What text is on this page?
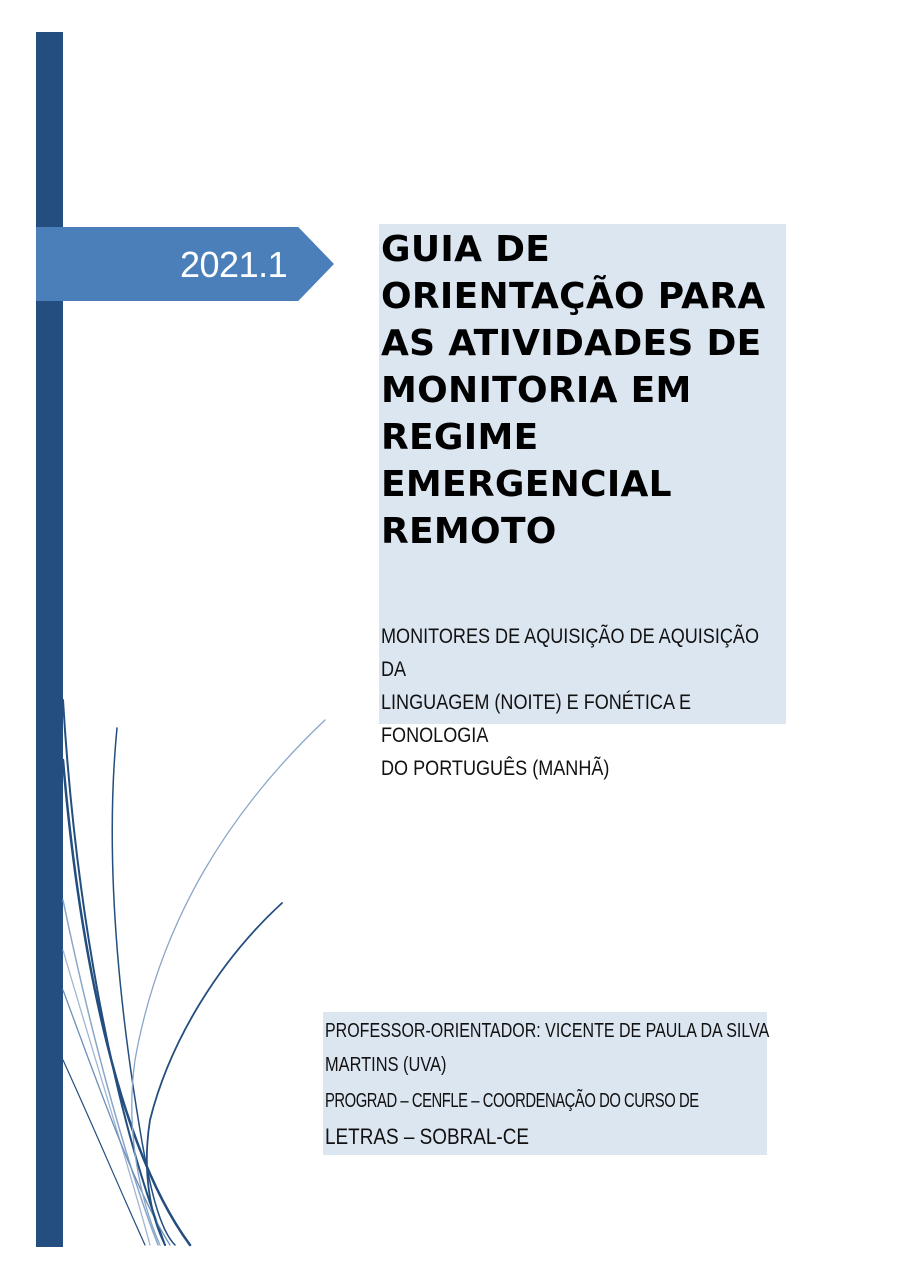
2021.1	GUIA DE ORIENTAÇÃO PARA AS ATIVIDADES DE MONITORIA EM REGIME EMERGENCIAL REMOTO

MONITORES DE AQUISIÇÃO DE AQUISIÇÃO DA
LINGUAGEM (NOITE) E FONÉTICA E FONOLOGIA
DO PORTUGUÊS (MANHÃ)

PROFESSOR-ORIENTADOR: VICENTE DE PAULA DA SILVA
MARTINS (UVA)
PROGRAD – CENFLE – COORDENAÇÃO DO CURSO DE
LETRAS – SOBRAL-CE
